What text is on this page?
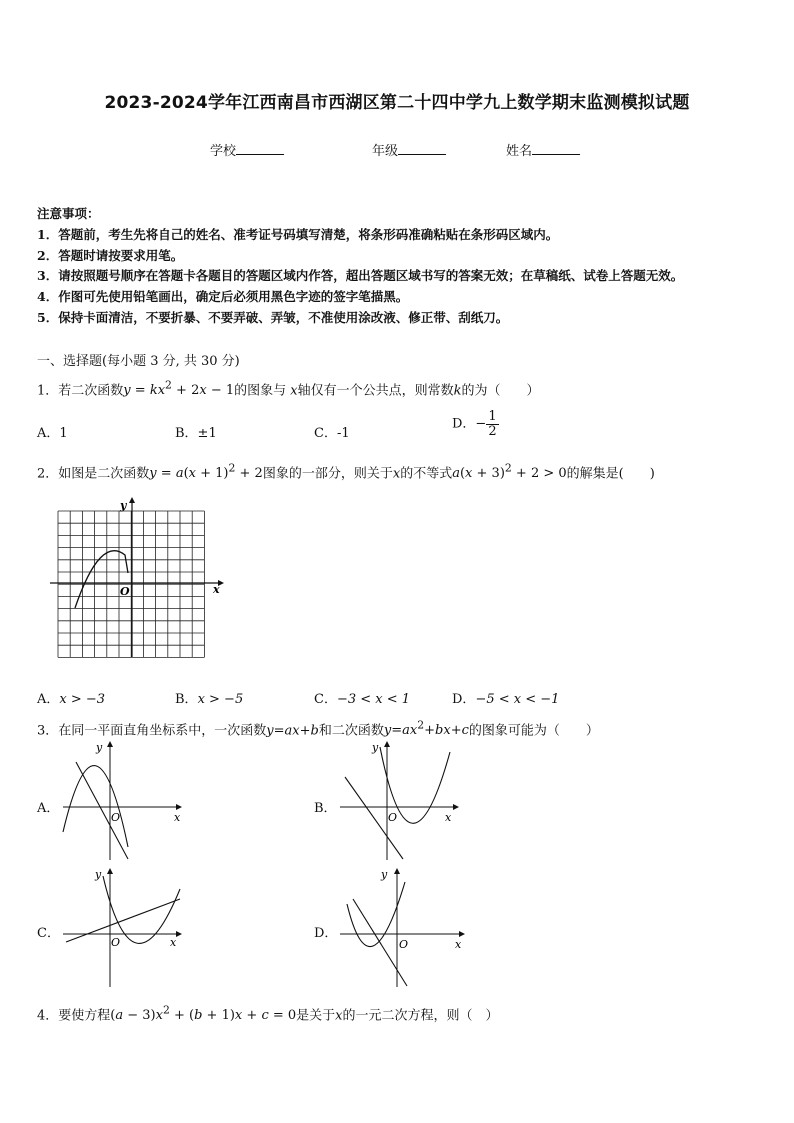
2023-2024学年江西南昌市西湖区第二十四中学九上数学期末监测模拟试题
学校	年级	姓名
注意事项：
1．答题前，考生先将自己的姓名、准考证号码填写清楚，将条形码准确粘贴在条形码区域内。
2．答题时请按要求用笔。
3．请按照题号顺序在答题卡各题目的答题区域内作答，超出答题区域书写的答案无效；在草稿纸、试卷上答题无效。
4．作图可先使用铅笔画出，确定后必须用黑色字迹的签字笔描黑。
5．保持卡面清洁，不要折暴、不要弄破、弄皱，不准使用涂改液、修正带、刮纸刀。
一、选择题(每小题 3 分, 共 30 分)
1．若二次函数$y = kx^2 + 2x - 1$的图象与 x轴仅有一个公共点，则常数k的为（　　）
A．1	B．±1	C．-1
D．− $\frac{1}{2}$
2．如图是二次函数$y = a(x + 1)^2 + 2$图象的一部分，则关于x的不等式$a(x + 3)^2 + 2 > 0$的解集是(　　)
x
y
O
A．x > −3	B．x > −5	C．−3 < x < 1	D．−5 < x < −1
3．在同一平面直角坐标系中，一次函数y=ax+b和二次函数$y=ax^2+bx+c$的图象可能为（　　）
A．
x
y
O
B．
x
y
O
C．
x
y
O
D．
x
y
O
4．要使方程$(a - 3)x^2 + (b + 1)x + c = 0$是关于x的一元二次方程，则（　）
